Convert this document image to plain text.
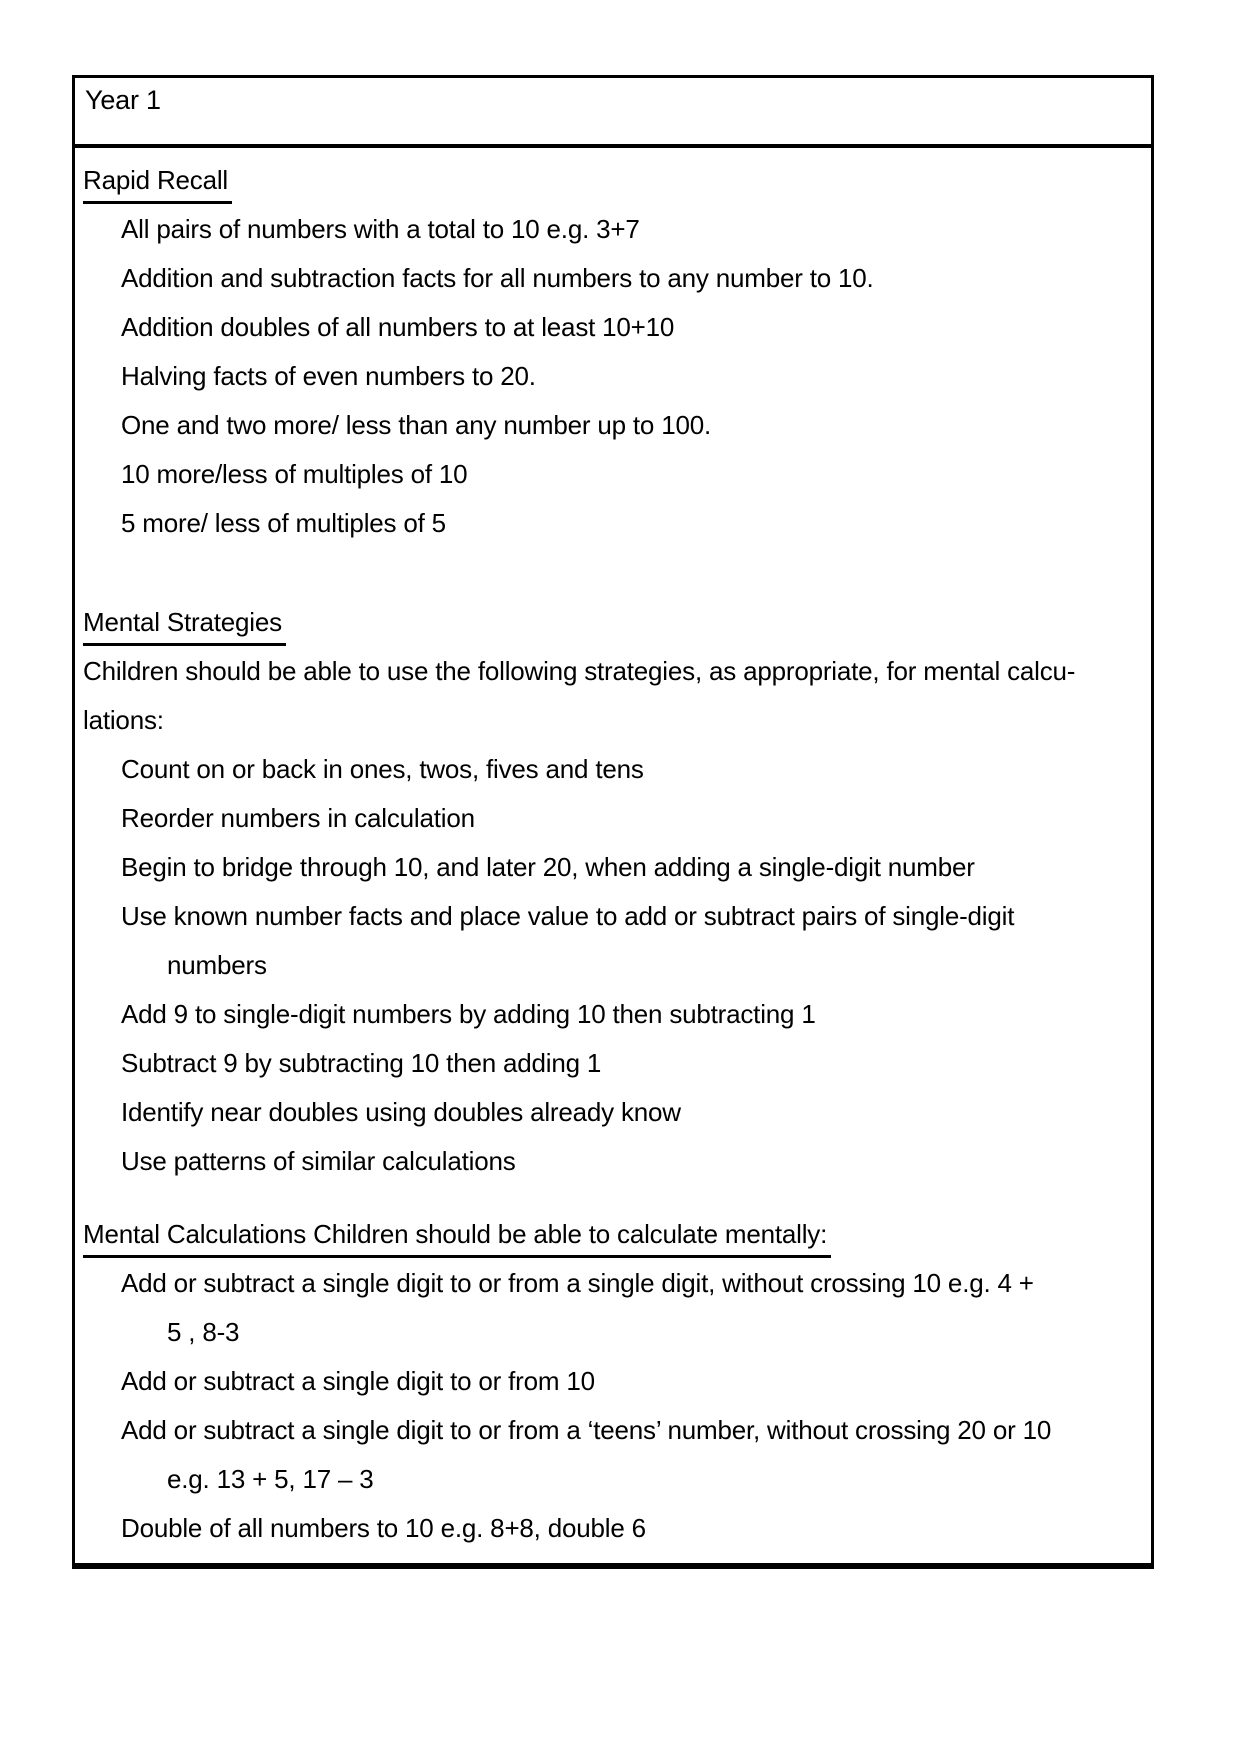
Year 1
Rapid Recall
All pairs of numbers with a total to 10 e.g. 3+7
Addition and subtraction facts for all numbers to any number to 10.
Addition doubles of all numbers to at least 10+10
Halving facts of even numbers to 20.
One and two more/ less than any number up to 100.
10 more/less of multiples of 10
5 more/ less of multiples of 5
Mental Strategies
Children should be able to use the following strategies, as appropriate, for mental calcu-
lations:
Count on or back in ones, twos, fives and tens
Reorder numbers in calculation
Begin to bridge through 10, and later 20, when adding a single-digit number
Use known number facts and place value to add or subtract pairs of single-digit
numbers
Add 9 to single-digit numbers by adding 10 then subtracting 1
Subtract 9 by subtracting 10 then adding 1
Identify near doubles using doubles already know
Use patterns of similar calculations
Mental Calculations Children should be able to calculate mentally:
Add or subtract a single digit to or from a single digit, without crossing 10 e.g. 4 +
5 , 8-3
Add or subtract a single digit to or from 10
Add or subtract a single digit to or from a ‘teens’ number, without crossing 20 or 10
e.g. 13 + 5, 17 – 3
Double of all numbers to 10 e.g. 8+8, double 6
